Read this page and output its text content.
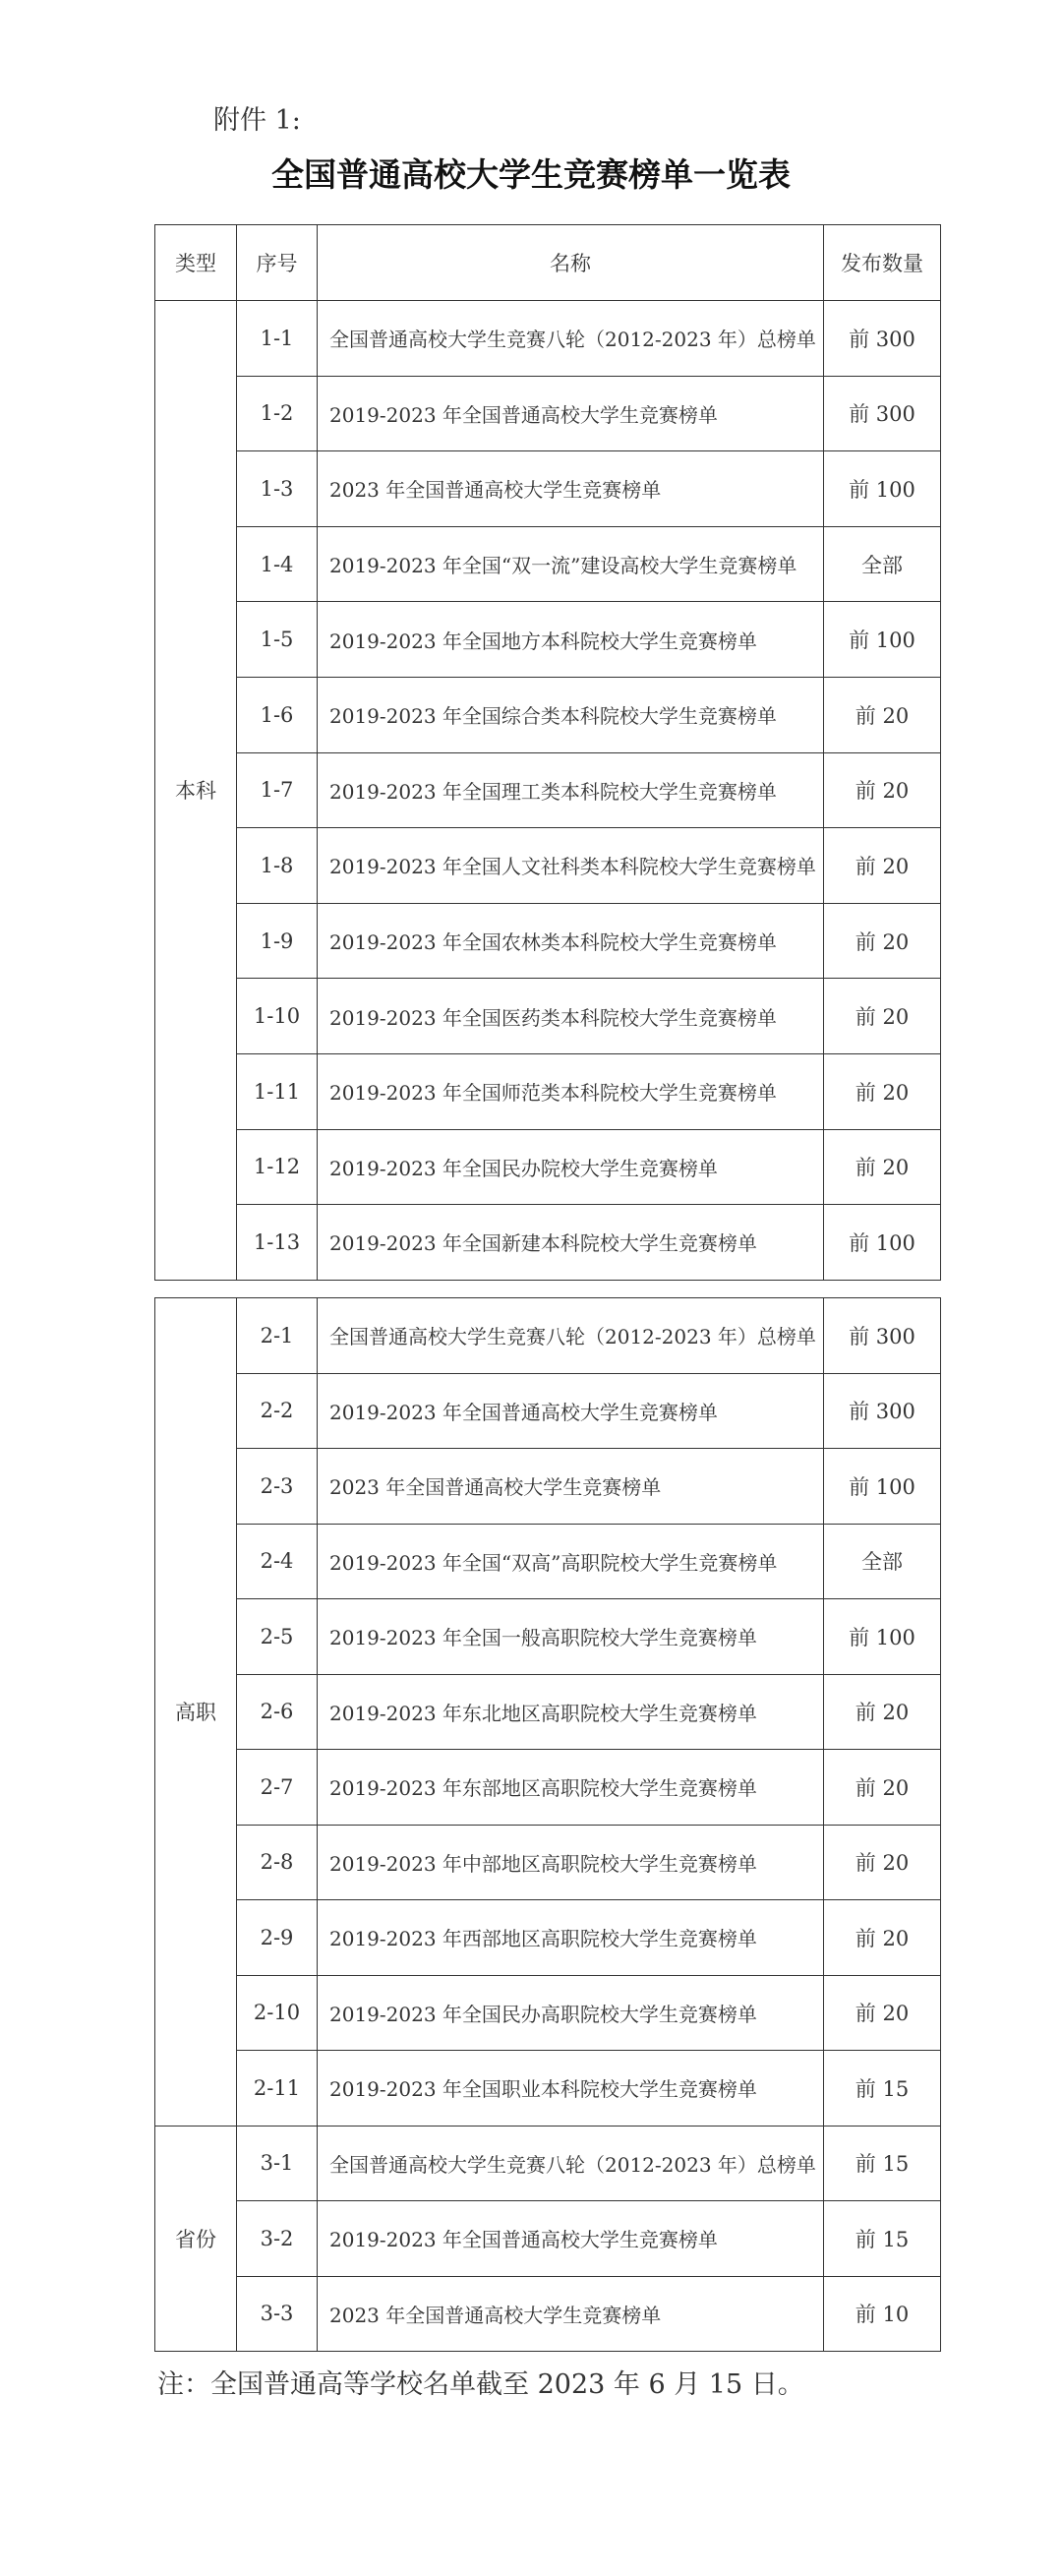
附件 1:
全国普通高校大学生竞赛榜单一览表
类型	序号	名称	发布数量
本科	1-1	全国普通高校大学生竞赛八轮（2012-2023 年）总榜单	前 300
	1-2	2019-2023 年全国普通高校大学生竞赛榜单	前 300
	1-3	2023 年全国普通高校大学生竞赛榜单	前 100
	1-4	2019-2023 年全国“双一流”建设高校大学生竞赛榜单	全部
	1-5	2019-2023 年全国地方本科院校大学生竞赛榜单	前 100
	1-6	2019-2023 年全国综合类本科院校大学生竞赛榜单	前 20
	1-7	2019-2023 年全国理工类本科院校大学生竞赛榜单	前 20
	1-8	2019-2023 年全国人文社科类本科院校大学生竞赛榜单	前 20
	1-9	2019-2023 年全国农林类本科院校大学生竞赛榜单	前 20
	1-10	2019-2023 年全国医药类本科院校大学生竞赛榜单	前 20
	1-11	2019-2023 年全国师范类本科院校大学生竞赛榜单	前 20
	1-12	2019-2023 年全国民办院校大学生竞赛榜单	前 20
	1-13	2019-2023 年全国新建本科院校大学生竞赛榜单	前 100
高职	2-1	全国普通高校大学生竞赛八轮（2012-2023 年）总榜单	前 300
	2-2	2019-2023 年全国普通高校大学生竞赛榜单	前 300
	2-3	2023 年全国普通高校大学生竞赛榜单	前 100
	2-4	2019-2023 年全国“双高”高职院校大学生竞赛榜单	全部
	2-5	2019-2023 年全国一般高职院校大学生竞赛榜单	前 100
	2-6	2019-2023 年东北地区高职院校大学生竞赛榜单	前 20
	2-7	2019-2023 年东部地区高职院校大学生竞赛榜单	前 20
	2-8	2019-2023 年中部地区高职院校大学生竞赛榜单	前 20
	2-9	2019-2023 年西部地区高职院校大学生竞赛榜单	前 20
	2-10	2019-2023 年全国民办高职院校大学生竞赛榜单	前 20
	2-11	2019-2023 年全国职业本科院校大学生竞赛榜单	前 15
省份	3-1	全国普通高校大学生竞赛八轮（2012-2023 年）总榜单	前 15
	3-2	2019-2023 年全国普通高校大学生竞赛榜单	前 15
	3-3	2023 年全国普通高校大学生竞赛榜单	前 10
注：全国普通高等学校名单截至 2023 年 6 月 15 日。
